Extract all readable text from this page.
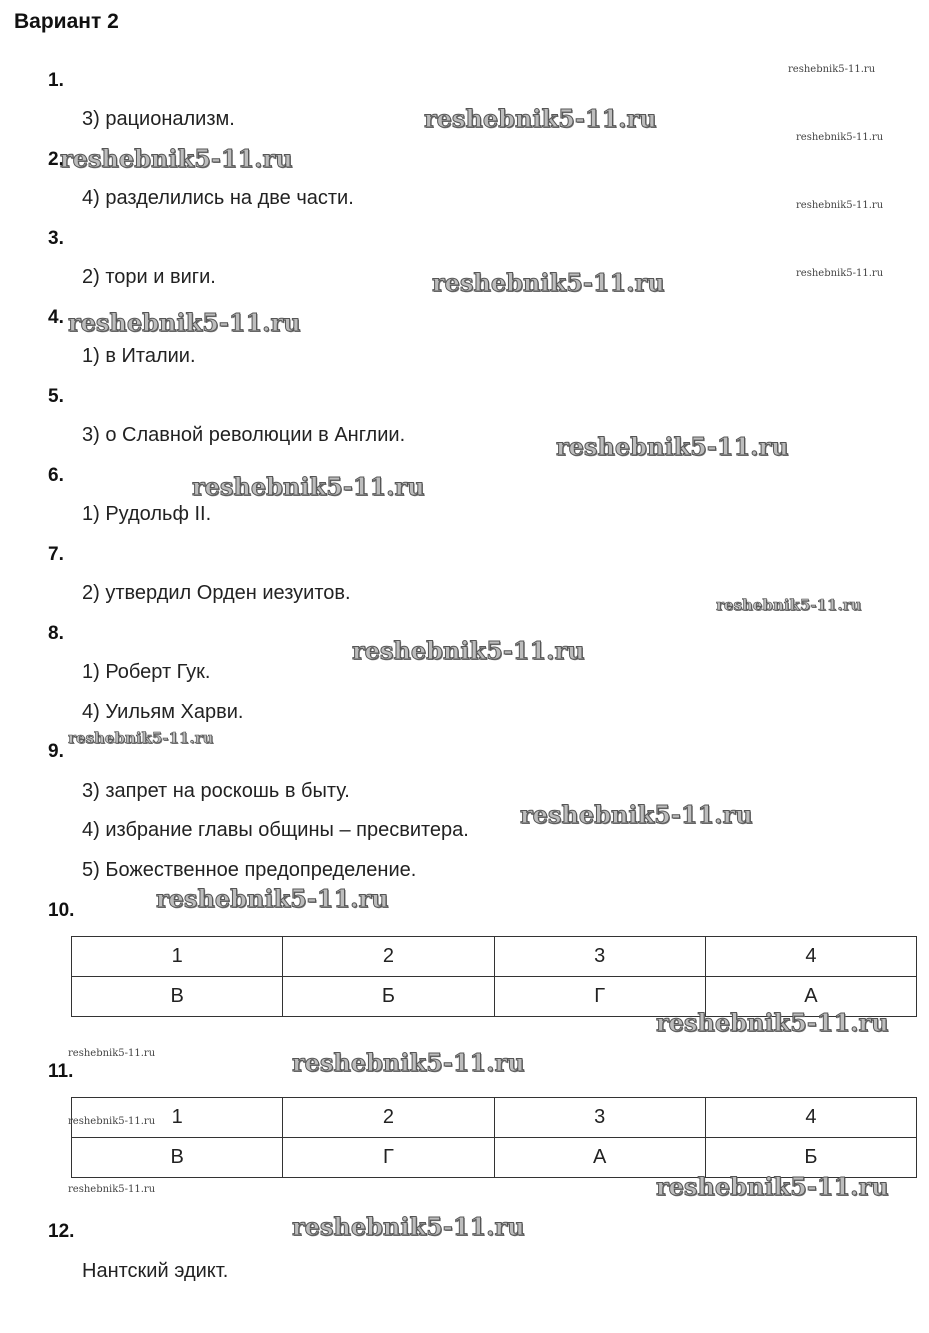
Вариант 2
1.
2.
3.
4.
5.
6.
7.
8.
9.
10.
11.
12.
3) рационализм.
4) разделились на две части.
2) тори и виги.
1) в Италии.
3) о Славной революции в Англии.
1) Рудольф II.
2) утвердил Орден иезуитов.
1) Роберт Гук.
4) Уильям Харви.
3) запрет на роскошь в быту.
4) избрание главы общины – пресвитера.
5) Божественное предопределение.
Нантский эдикт.
1	2	3	4
В	Б	Г	А
1	2	3	4
В	Г	А	Б
reshebnik5-11.ru
reshebnik5-11.ru
reshebnik5-11.ru
reshebnik5-11.ru
reshebnik5-11.ru
reshebnik5-11.ru
reshebnik5-11.ru
reshebnik5-11.ru
reshebnik5-11.ru
reshebnik5-11.ru
reshebnik5-11.ru
reshebnik5-11.ru
reshebnik5-11.ru
reshebnik5-11.ru
reshebnik5-11.ru
reshebnik5-11.ru
reshebnik5-11.ru	reshebnik5-11.ru
reshebnik5-11.ru
reshebnik5-11.ru
reshebnik5-11.ru
reshebnik5-11.ru
